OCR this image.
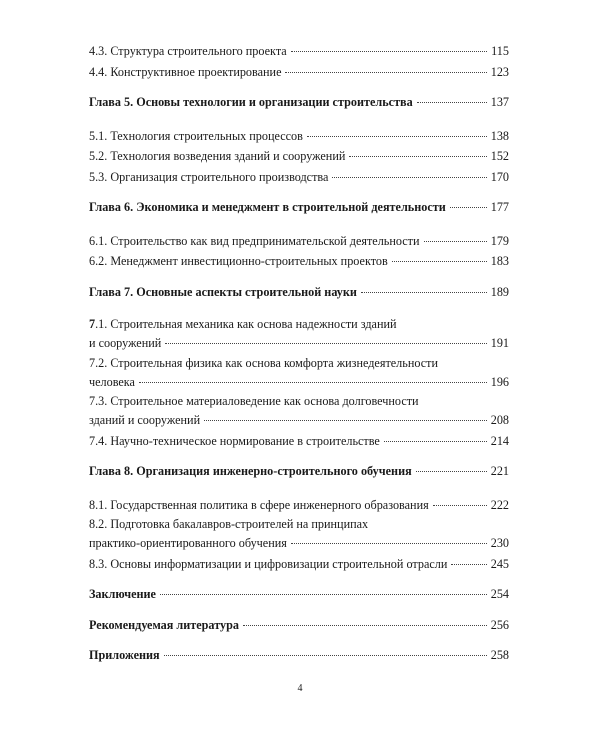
4.3. Структура строительного проекта	115
4.4. Конструктивное проектирование	123
Глава 5. Основы технологии и организации строительства	137
5.1. Технология строительных процессов	138
5.2. Технология возведения зданий и сооружений	152
5.3. Организация строительного производства	170
Глава 6. Экономика и менеджмент в строительной деятельности	177
6.1. Строительство как вид предпринимательской деятельности	179
6.2. Менеджмент инвестиционно-строительных проектов	183
Глава 7. Основные аспекты строительной науки	189
7.1. Строительная механика как основа надежности зданий
и сооружений	191
7.2. Строительная физика как основа комфорта жизнедеятельности
человека	196
7.3. Строительное материаловедение как основа долговечности
зданий и сооружений	208
7.4. Научно-техническое нормирование в строительстве	214
Глава 8. Организация инженерно-строительного обучения	221
8.1. Государственная политика в сфере инженерного образования	222
8.2. Подготовка бакалавров-строителей на принципах
практико-ориентированного обучения	230
8.3. Основы информатизации и цифровизации строительной отрасли	245
Заключение	254
Рекомендуемая литература	256
Приложения	258
4
